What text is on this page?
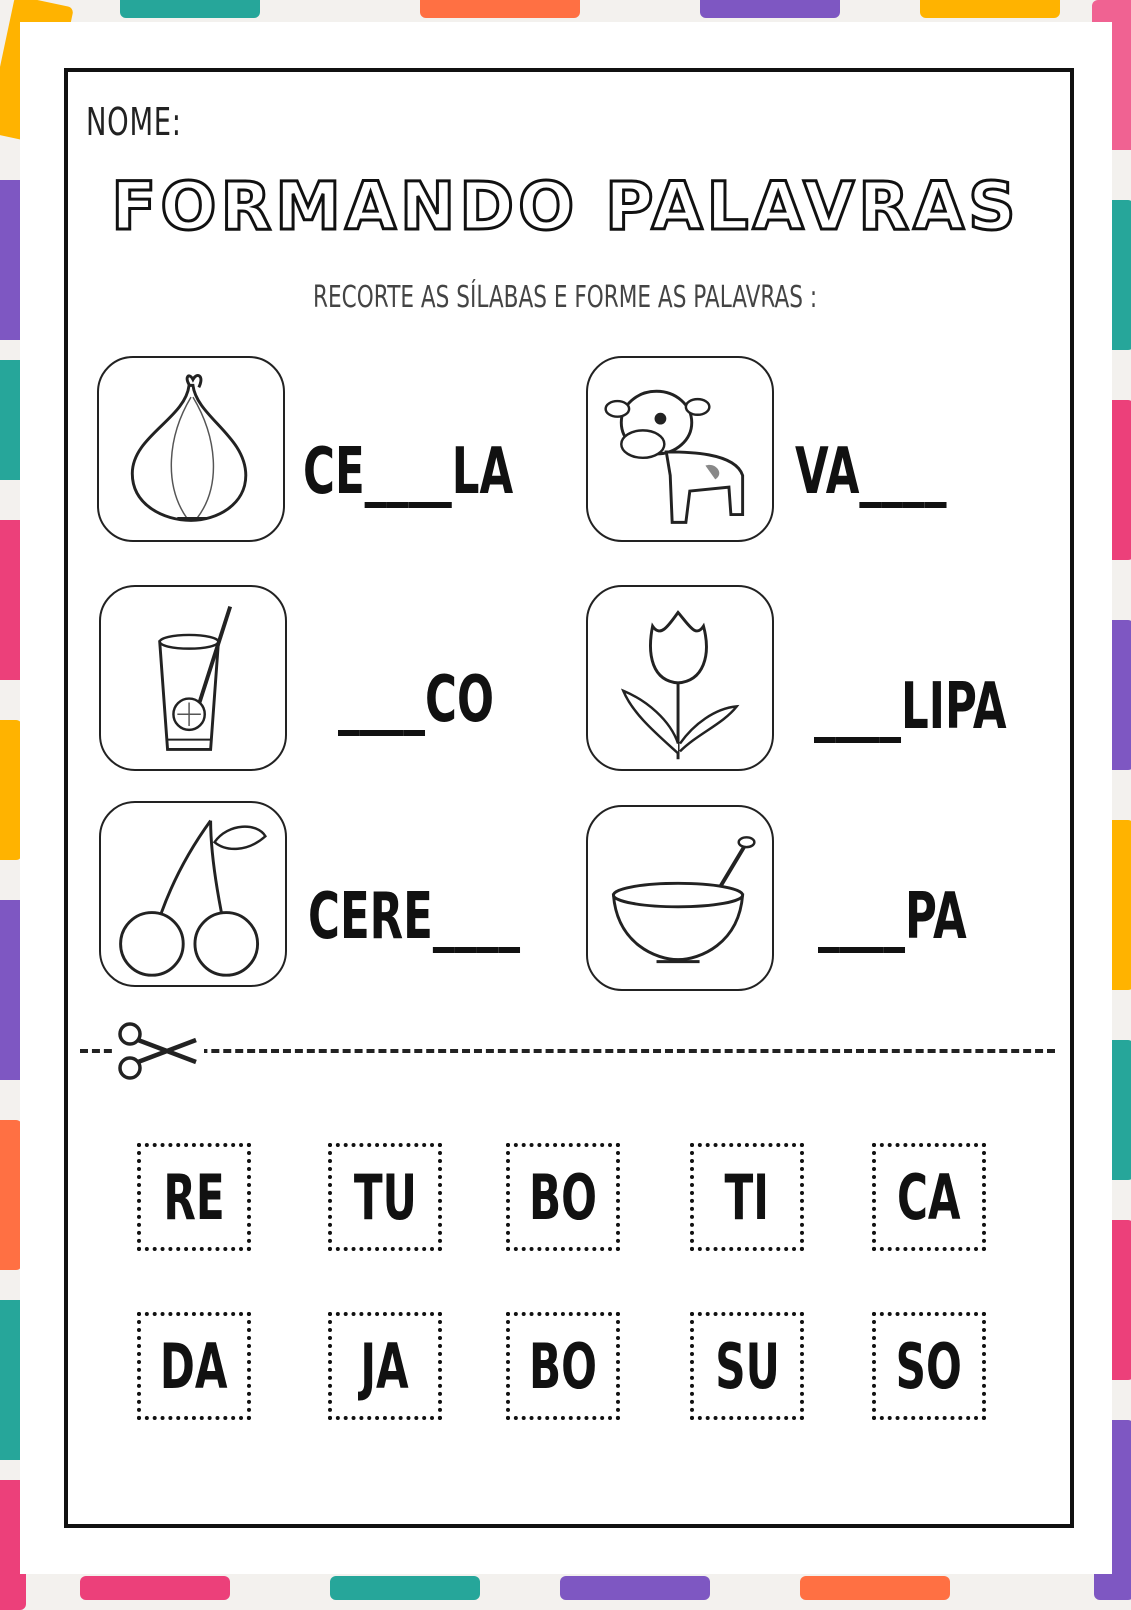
NOME:
FORMANDO PALAVRAS
RECORTE AS SÍLABAS E FORME AS PALAVRAS :
CE____LA	VA____
____CO	____LIPA
CERE____	____PA
RE TU BO TI CA
DA JA BO SU SO
